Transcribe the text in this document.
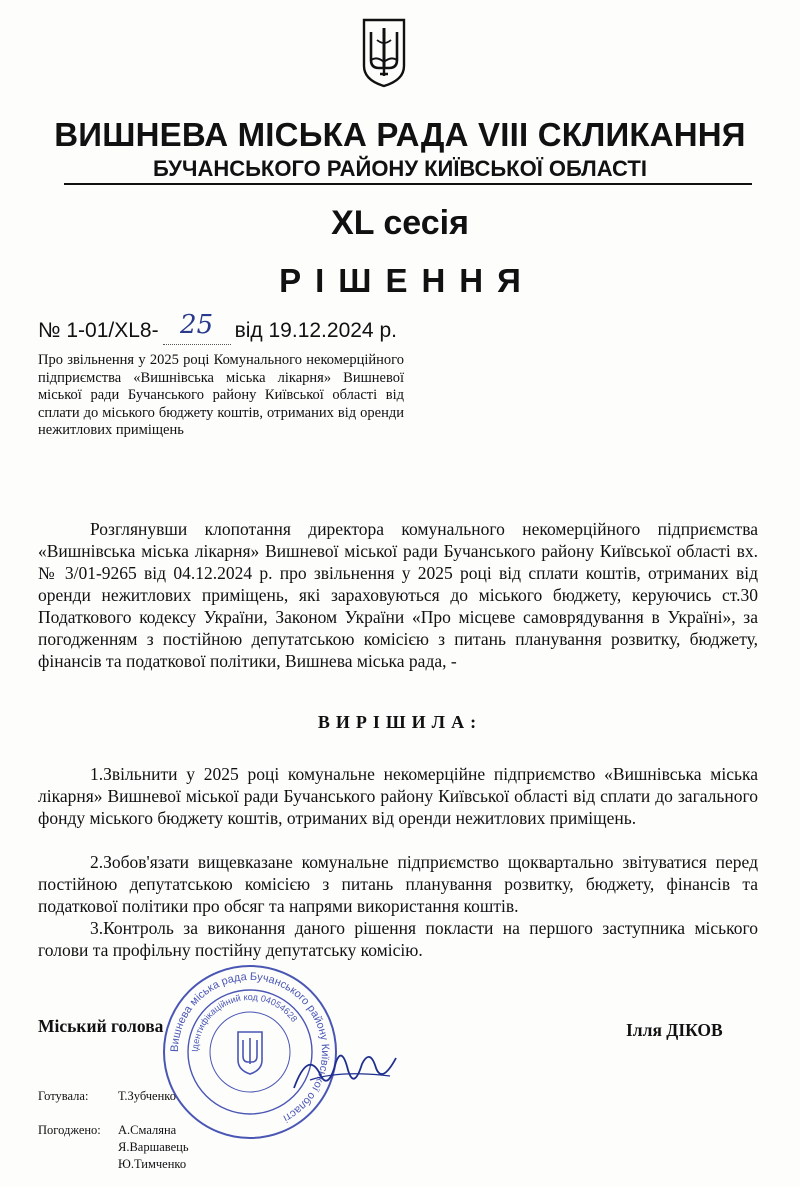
ВИШНЕВА МІСЬКА РАДА VIII СКЛИКАННЯ
БУЧАНСЬКОГО РАЙОНУ КИЇВСЬКОЇ ОБЛАСТІ
XL сесія
РІШЕННЯ
№ 1-01/XL8- 25 від 19.12.2024 р.
Про звільнення у 2025 році Комунального некомерційного підприємства «Вишнівська міська лікарня» Вишневої міської ради Бучанського району Київської області від сплати до міського бюджету коштів, отриманих від оренди нежитлових приміщень
Розглянувши клопотання директора комунального некомерційного підприємства «Вишнівська міська лікарня» Вишневої міської ради Бучанського району Київської області вх. № 3/01-9265 від 04.12.2024 р. про звільнення у 2025 році від сплати коштів, отриманих від оренди нежитлових приміщень, які зараховуються до міського бюджету, керуючись ст.30 Податкового кодексу України, Законом України «Про місцеве самоврядування в Україні», за погодженням з постійною депутатською комісією з питань планування розвитку, бюджету, фінансів та податкової політики, Вишнева міська рада, -
ВИРІШИЛА:
1.Звільнити у 2025 році комунальне некомерційне підприємство «Вишнівська міська лікарня» Вишневої міської ради Бучанського району Київської області від сплати до загального фонду міського бюджету коштів, отриманих від оренди нежитлових приміщень.
2.Зобов'язати вищевказане комунальне підприємство щоквартально звітуватися перед постійною депутатською комісією з питань планування розвитку, бюджету, фінансів та податкової політики про обсяг та напрями використання коштів.
3.Контроль за виконання даного рішення покласти на першого заступника міського голови та профільну постійну депутатську комісію.
Міський голова	Ілля ДІКОВ
Готувала: Т.Зубченко
Погоджено: А.Смаляна
Я.Варшавець
Ю.Тимченко
Вишнева міська рада Бучанського району Київської області
Ідентифікаційний код 04054628
